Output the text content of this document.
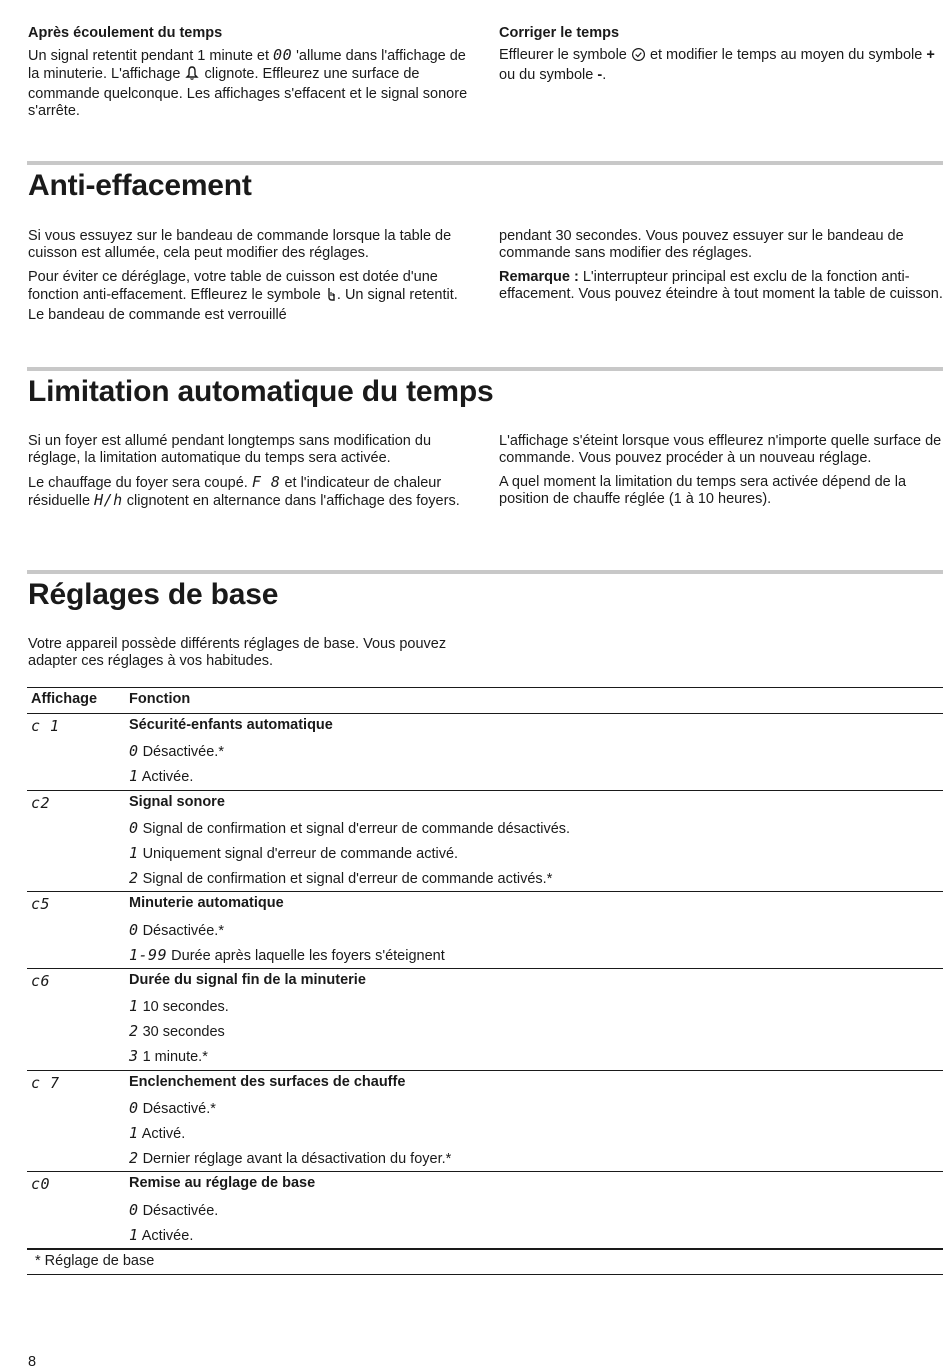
Après écoulement du temps

Un signal retentit pendant 1 minute et 00 'allume dans l'affichage de la minuterie. L'affichage clignote. Effleurez une surface de commande quelconque. Les affichages s'effacent et le signal sonore s'arrête.

Corriger le temps

Effleurer le symbole et modifier le temps au moyen du symbole + ou du symbole -.

Anti-effacement

Si vous essuyez sur le bandeau de commande lorsque la table de cuisson est allumée, cela peut modifier des réglages.

Pour éviter ce déréglage, votre table de cuisson est dotée d'une fonction anti-effacement. Effleurez le symbole . Un signal retentit. Le bandeau de commande est verrouillé

pendant 30 secondes. Vous pouvez essuyer sur le bandeau de commande sans modifier des réglages.

Remarque : L'interrupteur principal est exclu de la fonction anti-effacement. Vous pouvez éteindre à tout moment la table de cuisson.

Limitation automatique du temps

Si un foyer est allumé pendant longtemps sans modification du réglage, la limitation automatique du temps sera activée.

Le chauffage du foyer sera coupé. F 8 et l'indicateur de chaleur résiduelle H/h clignotent en alternance dans l'affichage des foyers.

L'affichage s'éteint lorsque vous effleurez n'importe quelle surface de commande. Vous pouvez procéder à un nouveau réglage.

A quel moment la limitation du temps sera activée dépend de la position de chauffe réglée (1 à 10 heures).

Réglages de base

Votre appareil possède différents réglages de base. Vous pouvez adapter ces réglages à vos habitudes.

Affichage Fonction
c 1	Sécurité-enfants automatique
0 Désactivée.*
1 Activée.
c2	Signal sonore
0 Signal de confirmation et signal d'erreur de commande désactivés.
1 Uniquement signal d'erreur de commande activé.
2 Signal de confirmation et signal d'erreur de commande activés.*
c5	Minuterie automatique
0 Désactivée.*
1-99 Durée après laquelle les foyers s'éteignent
c6	Durée du signal fin de la minuterie
1 10 secondes.
2 30 secondes
3 1 minute.*
c 7	Enclenchement des surfaces de chauffe
0 Désactivé.*
1 Activé.
2 Dernier réglage avant la désactivation du foyer.*
c0	Remise au réglage de base
0 Désactivée.
1 Activée.
* Réglage de base
8
